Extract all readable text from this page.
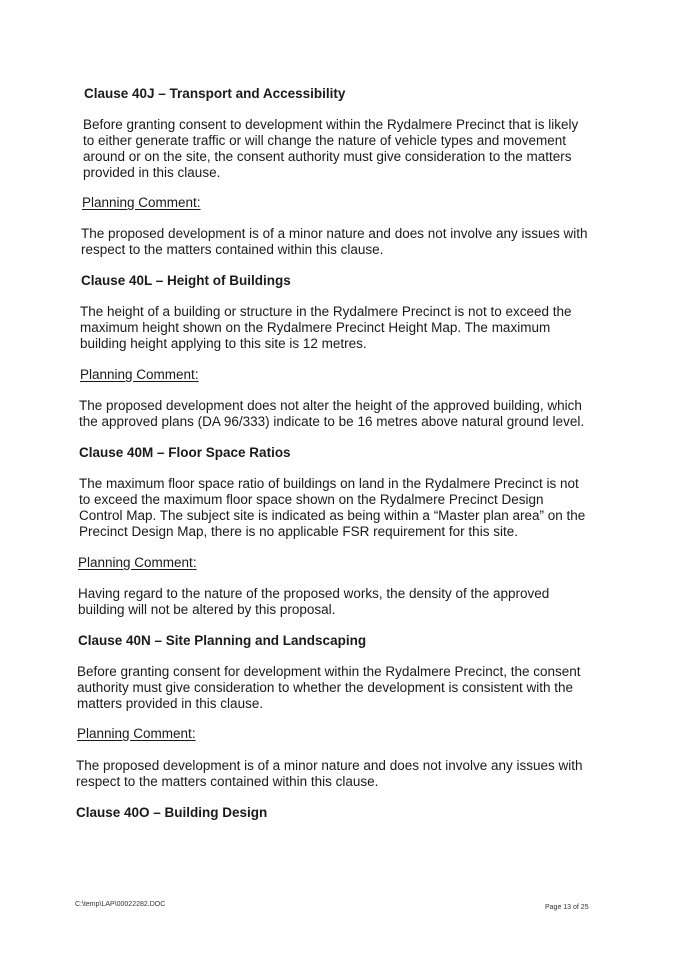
Clause 40J – Transport and Accessibility

Before granting consent to development within the Rydalmere Precinct that is likely to either generate traffic or will change the nature of vehicle types and movement around or on the site, the consent authority must give consideration to the matters provided in this clause.

Planning Comment:

The proposed development is of a minor nature and does not involve any issues with respect to the matters contained within this clause.

Clause 40L – Height of Buildings

The height of a building or structure in the Rydalmere Precinct is not to exceed the maximum height shown on the Rydalmere Precinct Height Map. The maximum building height applying to this site is 12 metres.

Planning Comment:

The proposed development does not alter the height of the approved building, which the approved plans (DA 96/333) indicate to be 16 metres above natural ground level.

Clause 40M – Floor Space Ratios

The maximum floor space ratio of buildings on land in the Rydalmere Precinct is not to exceed the maximum floor space shown on the Rydalmere Precinct Design Control Map. The subject site is indicated as being within a “Master plan area” on the Precinct Design Map, there is no applicable FSR requirement for this site.

Planning Comment:

Having regard to the nature of the proposed works, the density of the approved building will not be altered by this proposal.

Clause 40N – Site Planning and Landscaping

Before granting consent for development within the Rydalmere Precinct, the consent authority must give consideration to whether the development is consistent with the matters provided in this clause.

Planning Comment:

The proposed development is of a minor nature and does not involve any issues with respect to the matters contained within this clause.

Clause 40O – Building Design
C:\temp\LAP\00022282.DOC	Page 13 of 25
